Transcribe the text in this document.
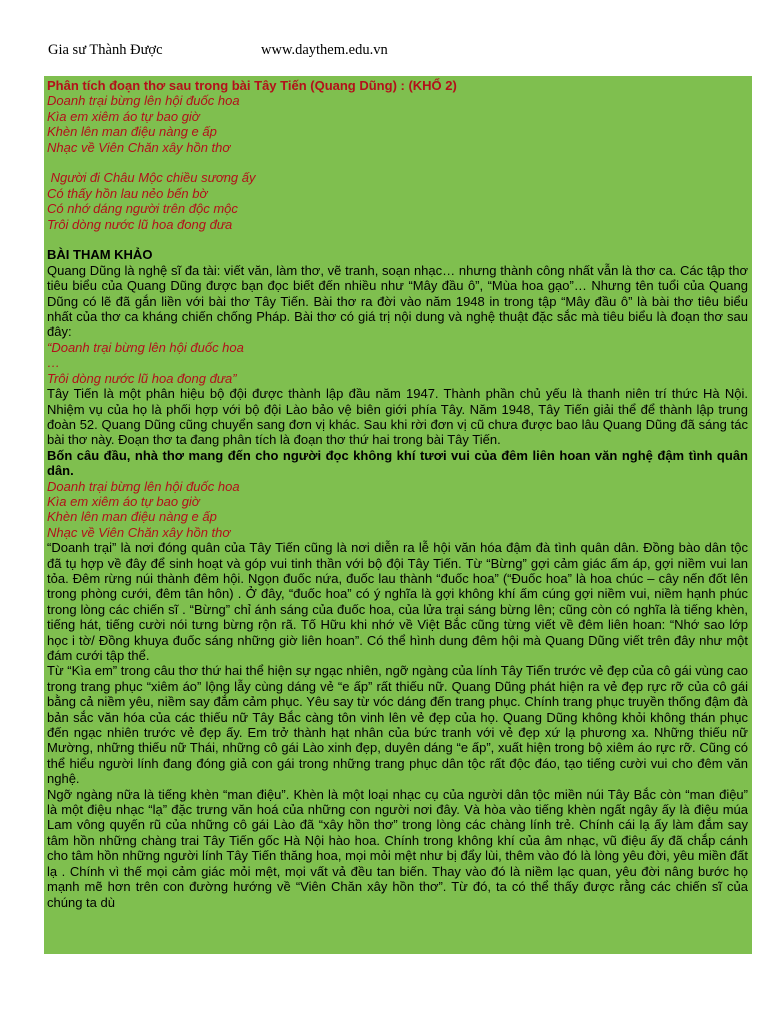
Gia sư Thành Được	www.daythem.edu.vn
Phân tích đoạn thơ sau trong bài Tây Tiến (Quang Dũng) : (KHỔ 2)
Doanh trại bừng lên hội đuốc hoa
Kìa em xiêm áo tự bao giờ
Khèn lên man điệu nàng e ấp
Nhạc về Viên Chăn xây hồn thơ
Người đi Châu Mộc chiều sương ấy
Có thấy hồn lau nẻo bến bờ
Có nhớ dáng người trên độc mộc
Trôi dòng nước lũ hoa đong đưa
BÀI THAM KHẢO
Quang Dũng là nghệ sĩ đa tài: viết văn, làm thơ, vẽ tranh, soạn nhạc… nhưng thành công nhất vẫn là thơ ca. Các tập thơ tiêu biểu của Quang Dũng được bạn đọc biết đến nhiều như “Mây đầu ô”, “Mùa hoa gạo”… Nhưng tên tuổi của Quang Dũng có lẽ đã gắn liền với bài thơ Tây Tiến. Bài thơ ra đời vào năm 1948 in trong tập “Mây đầu ô” là bài thơ tiêu biểu nhất của thơ ca kháng chiến chống Pháp. Bài thơ có giá trị nội dung và nghệ thuật đặc sắc mà tiêu biểu là đoạn thơ sau đây:
“Doanh trại bừng lên hội đuốc hoa
…
Trôi dòng nước lũ hoa đong đưa”
Tây Tiến là một phân hiệu bộ đội được thành lập đầu năm 1947. Thành phần chủ yếu là thanh niên trí thức Hà Nội. Nhiệm vụ của họ là phối hợp với bộ đội Lào bảo vệ biên giới phía Tây. Năm 1948, Tây Tiến giải thể để thành lập trung đoàn 52. Quang Dũng cũng chuyển sang đơn vị khác. Sau khi rời đơn vị cũ chưa được bao lâu Quang Dũng đã sáng tác bài thơ này. Đoạn thơ ta đang phân tích là đoạn thơ thứ hai trong bài Tây Tiến.
Bốn câu đầu, nhà thơ mang đến cho người đọc không khí tươi vui của đêm liên hoan văn nghệ đậm tình quân dân.
Doanh trại bừng lên hội đuốc hoa
Kìa em xiêm áo tự bao giờ
Khèn lên man điệu nàng e ấp
Nhạc về Viên Chăn xây hồn thơ
“Doanh trại” là nơi đóng quân của Tây Tiến cũng là nơi diễn ra lễ hội văn hóa đậm đà tình quân dân. Đồng bào dân tộc đã tụ hợp về đây để sinh hoạt và góp vui tinh thần với bộ đội Tây Tiến. Từ “Bừng” gợi cảm giác ấm áp, gợi niềm vui lan tỏa. Đêm rừng núi thành đêm hội. Ngọn đuốc nứa, đuốc lau thành “đuốc hoa” (“Đuốc hoa” là hoa chúc – cây nến đốt lên trong phòng cưới, đêm tân hôn) . Ở đây, “đuốc hoa” có ý nghĩa là gợi không khí ấm cúng gợi niềm vui, niềm hạnh phúc trong lòng các chiến sĩ . “Bừng” chỉ ánh sáng của đuốc hoa, của lửa trại sáng bừng lên; cũng còn có nghĩa là tiếng khèn, tiếng hát, tiếng cười nói tưng bừng rộn rã. Tố Hữu khi nhớ về Việt Bắc cũng từng viết về đêm liên hoan: “Nhớ sao lớp học i tờ/ Đồng khuya đuốc sáng những giờ liên hoan”. Có thể hình dung đêm hội mà Quang Dũng viết trên đây như một đám cưới tập thể.
Từ “Kìa em” trong câu thơ thứ hai thể hiện sự ngạc nhiên, ngỡ ngàng của lính Tây Tiến trước vẻ đẹp của cô gái vùng cao trong trang phục “xiêm áo” lộng lẫy cùng dáng vẻ “e ấp” rất thiếu nữ. Quang Dũng phát hiện ra vẻ đẹp rực rỡ của cô gái bằng cả niềm yêu, niềm say đắm cảm phục. Yêu say từ vóc dáng đến trang phục. Chính trang phục truyền thống đậm đà bản sắc văn hóa của các thiếu nữ Tây Bắc càng tôn vinh lên vẻ đẹp của họ. Quang Dũng không khỏi không thán phục đến ngạc nhiên trước vẻ đẹp ấy. Em trở thành hạt nhân của bức tranh với vẻ đẹp xứ lạ phương xa. Những thiếu nữ Mường, những thiếu nữ Thái, những cô gái Lào xinh đẹp, duyên dáng “e ấp”, xuất hiện trong bộ xiêm áo rực rỡ. Cũng có thể hiểu người lính đang đóng giả con gái trong những trang phục dân tộc rất độc đáo, tạo tiếng cười vui cho đêm văn nghệ.
Ngỡ ngàng nữa là tiếng khèn “man điệu”. Khèn là một loại nhạc cụ của người dân tộc miền núi Tây Bắc còn “man điệu” là một điệu nhạc “lạ” đặc trưng văn hoá của những con người nơi đây. Và hòa vào tiếng khèn ngất ngây ấy là điệu múa Lam vông quyến rũ của những cô gái Lào đã “xây hồn thơ” trong lòng các chàng lính trẻ. Chính cái lạ ấy làm đắm say tâm hồn những chàng trai Tây Tiến gốc Hà Nội hào hoa. Chính trong không khí của âm nhạc, vũ điệu ấy đã chắp cánh cho tâm hồn những người lính Tây Tiến thăng hoa, mọi mỏi mệt như bị đẩy lùi, thêm vào đó là lòng yêu đời, yêu miền đất lạ . Chính vì thế mọi cảm giác mỏi mệt, mọi vất vả đều tan biến. Thay vào đó là niềm lạc quan, yêu đời nâng bước họ mạnh mẽ hơn trên con đường hướng về “Viên Chăn xây hồn thơ”. Từ đó, ta có thể thấy được rằng các chiến sĩ của chúng ta dù
